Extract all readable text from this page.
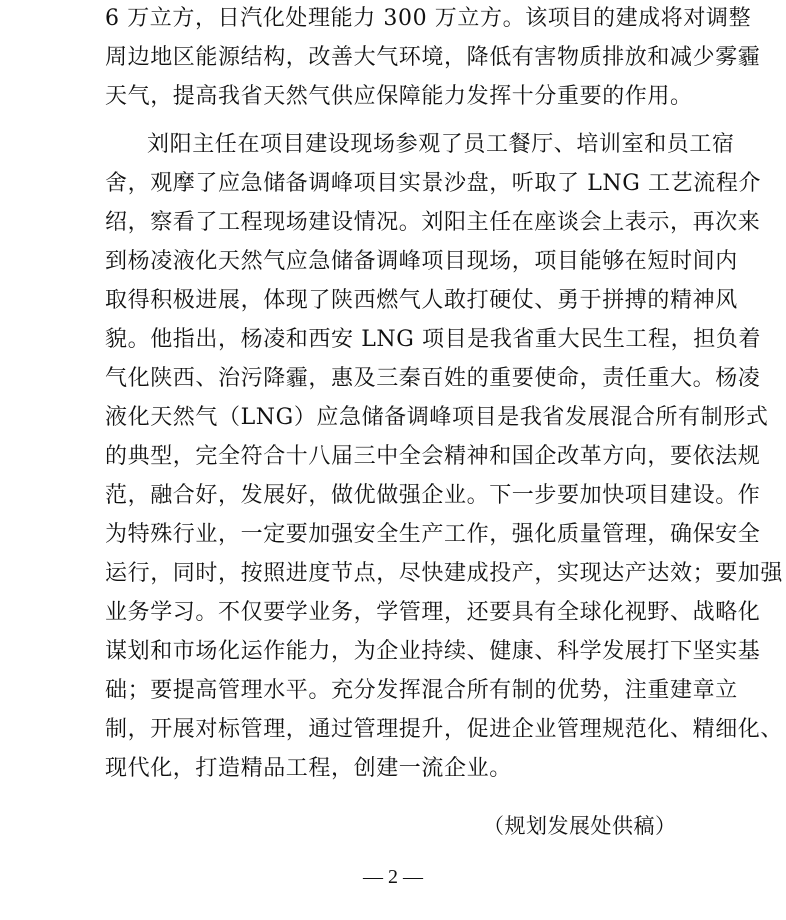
6 万立方，日汽化处理能力 300 万立方。该项目的建成将对调整
周边地区能源结构，改善大气环境，降低有害物质排放和减少雾霾
天气，提高我省天然气供应保障能力发挥十分重要的作用。
刘阳主任在项目建设现场参观了员工餐厅、培训室和员工宿
舍，观摩了应急储备调峰项目实景沙盘，听取了 LNG 工艺流程介
绍，察看了工程现场建设情况。刘阳主任在座谈会上表示，再次来
到杨凌液化天然气应急储备调峰项目现场，项目能够在短时间内
取得积极进展，体现了陕西燃气人敢打硬仗、勇于拼搏的精神风
貌。他指出，杨凌和西安 LNG 项目是我省重大民生工程，担负着
气化陕西、治污降霾，惠及三秦百姓的重要使命，责任重大。杨凌
液化天然气（LNG）应急储备调峰项目是我省发展混合所有制形式
的典型，完全符合十八届三中全会精神和国企改革方向，要依法规
范，融合好，发展好，做优做强企业。下一步要加快项目建设。作
为特殊行业，一定要加强安全生产工作，强化质量管理，确保安全
运行，同时，按照进度节点，尽快建成投产，实现达产达效；要加强
业务学习。不仅要学业务，学管理，还要具有全球化视野、战略化
谋划和市场化运作能力，为企业持续、健康、科学发展打下坚实基
础；要提高管理水平。充分发挥混合所有制的优势，注重建章立
制，开展对标管理，通过管理提升，促进企业管理规范化、精细化、
现代化，打造精品工程，创建一流企业。
（规划发展处供稿）
— 2 —
